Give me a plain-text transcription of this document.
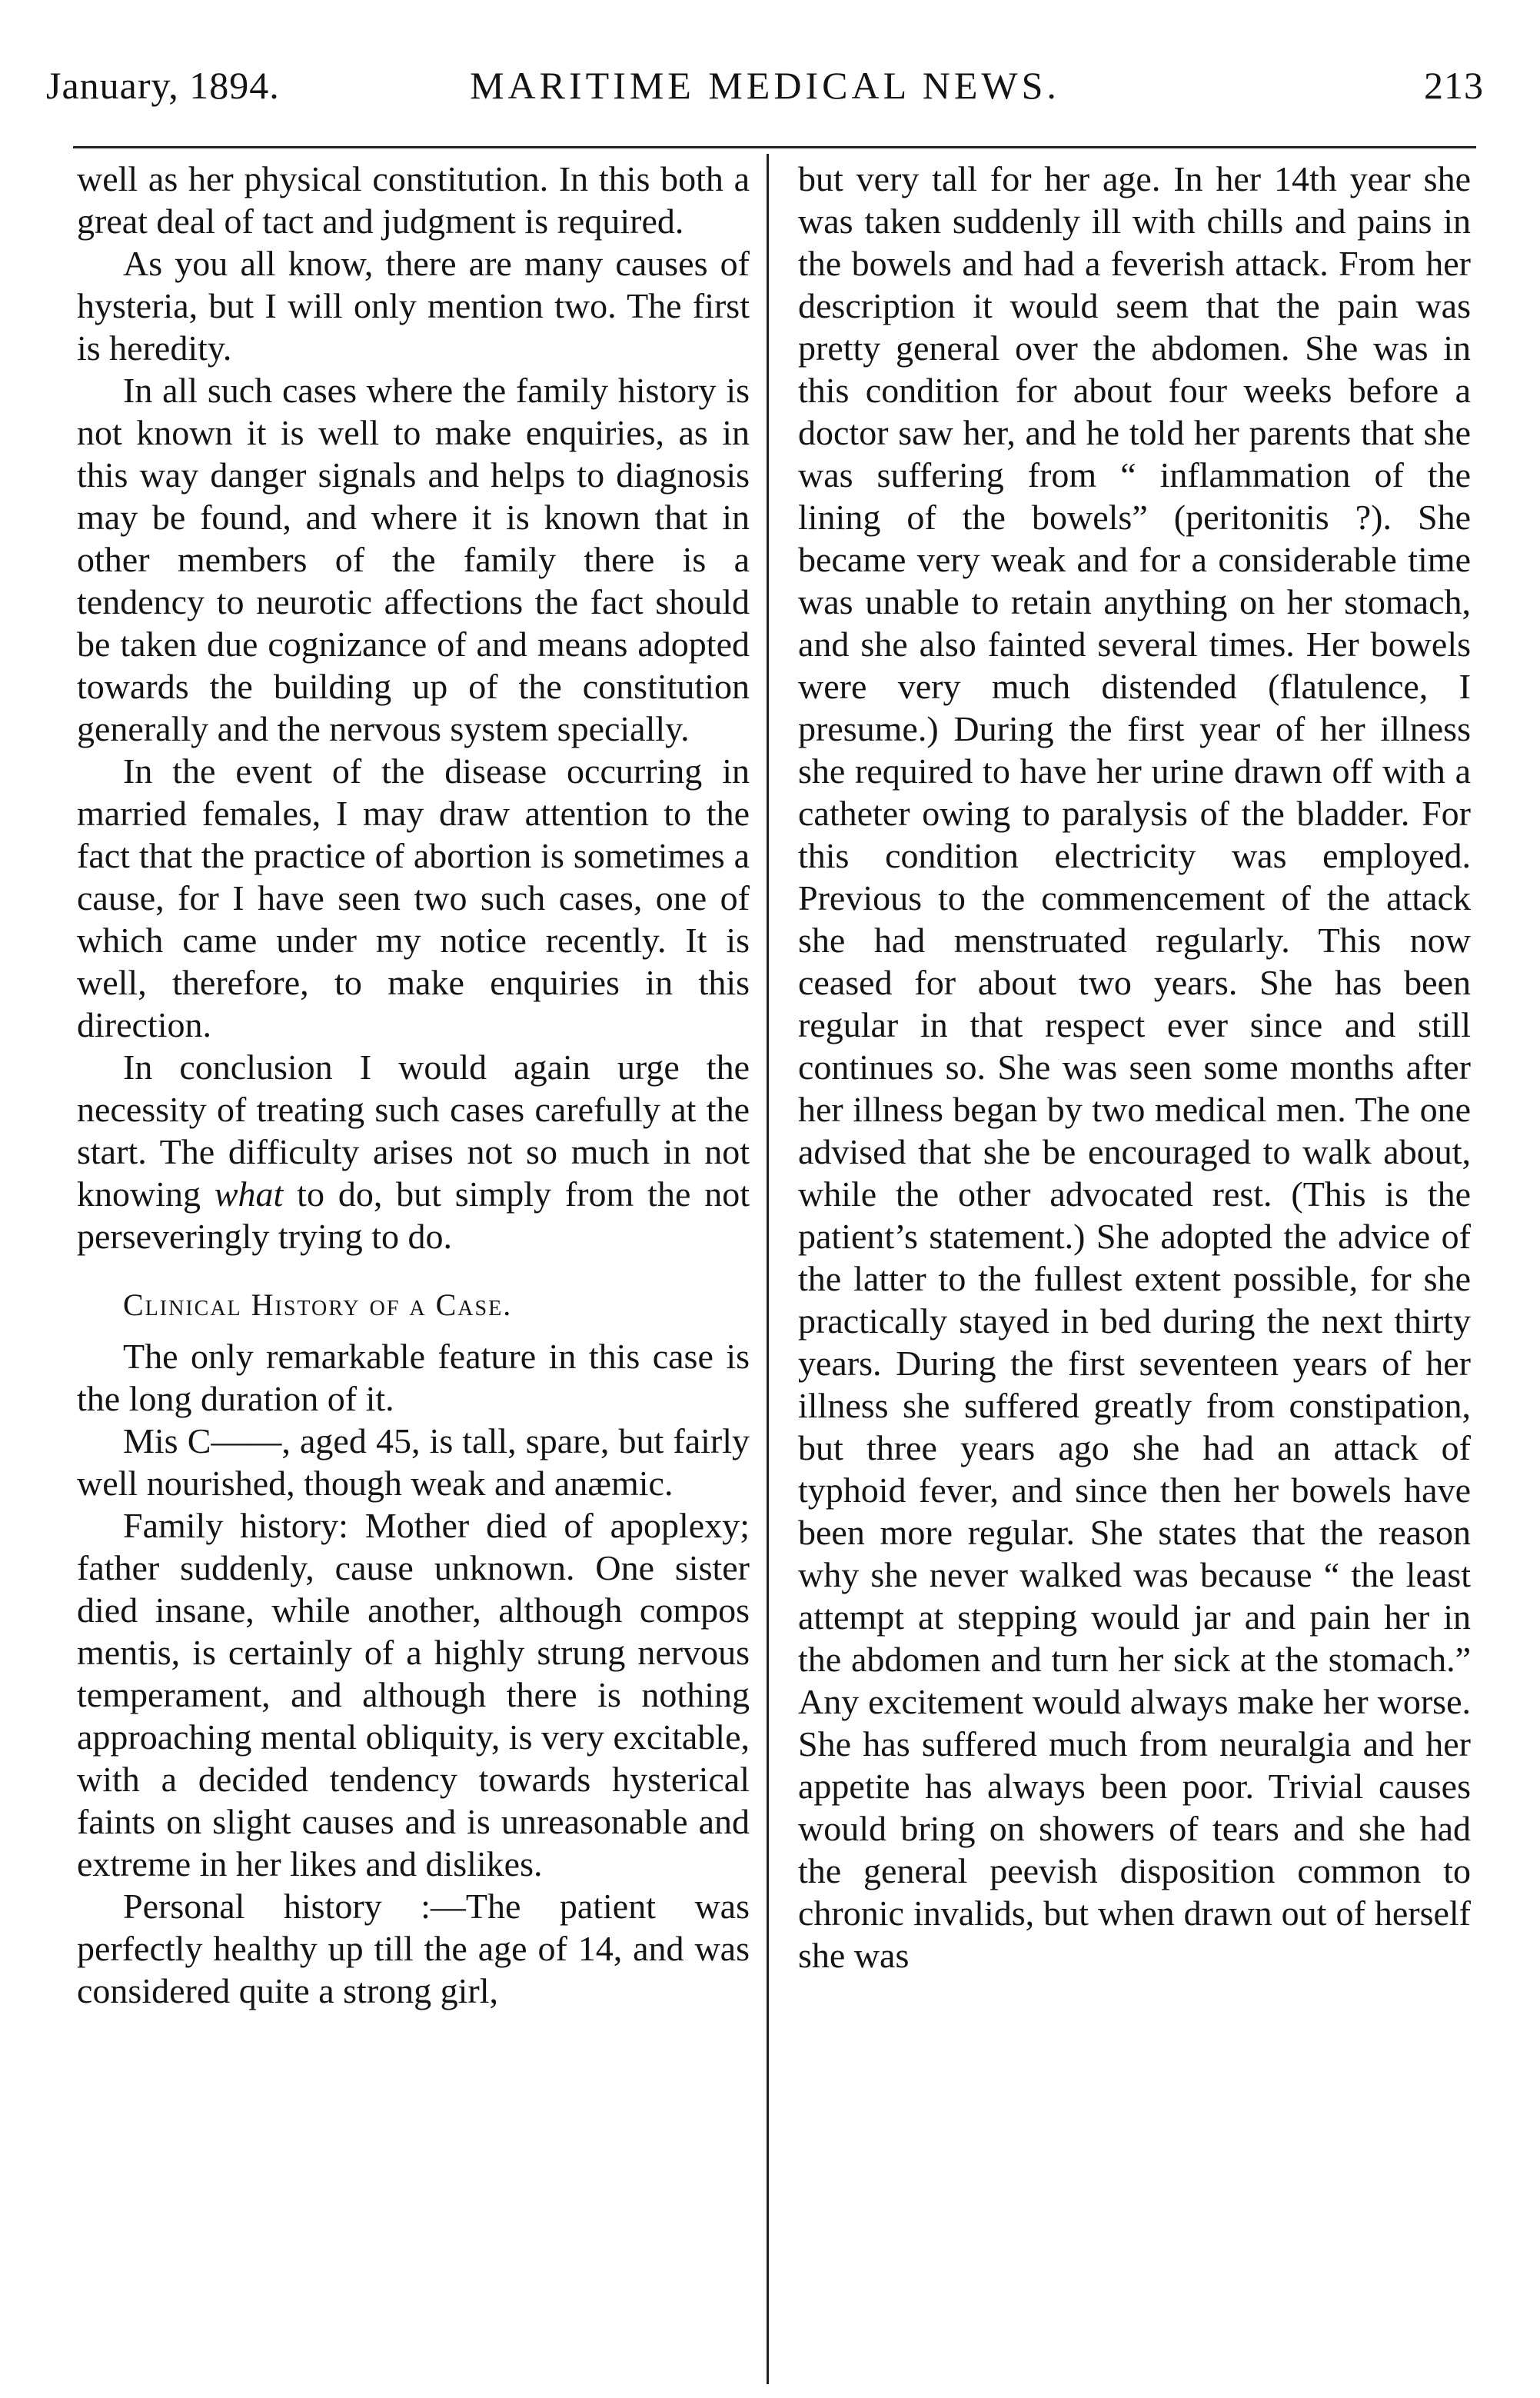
January, 1894.	MARITIME MEDICAL NEWS.	213

well as her physical constitution. In this both a great deal of tact and judgment is required.

As you all know, there are many causes of hysteria, but I will only mention two. The first is heredity.

In all such cases where the family history is not known it is well to make enquiries, as in this way danger signals and helps to diagnosis may be found, and where it is known that in other members of the family there is a tendency to neurotic affections the fact should be taken due cognizance of and means adopted towards the building up of the constitution generally and the nervous system specially.

In the event of the disease occurring in married females, I may draw attention to the fact that the practice of abortion is sometimes a cause, for I have seen two such cases, one of which came under my notice recently. It is well, therefore, to make enquiries in this direction.

In conclusion I would again urge the necessity of treating such cases carefully at the start. The difficulty arises not so much in not knowing what to do, but simply from the not perseveringly trying to do.

Clinical History of a Case.

The only remarkable feature in this case is the long duration of it.

Mis C——, aged 45, is tall, spare, but fairly well nourished, though weak and anæmic.

Family history: Mother died of apoplexy; father suddenly, cause unknown. One sister died insane, while another, although compos mentis, is certainly of a highly strung nervous temperament, and although there is nothing approaching mental obliquity, is very excitable, with a decided tendency towards hysterical faints on slight causes and is unreasonable and extreme in her likes and dislikes.

Personal history :—The patient was perfectly healthy up till the age of 14, and was considered quite a strong girl,

but very tall for her age. In her 14th year she was taken suddenly ill with chills and pains in the bowels and had a feverish attack. From her description it would seem that the pain was pretty general over the abdomen. She was in this condition for about four weeks before a doctor saw her, and he told her parents that she was suffering from “ inflammation of the lining of the bowels” (peritonitis ?). She became very weak and for a considerable time was unable to retain anything on her stomach, and she also fainted several times. Her bowels were very much distended (flatulence, I presume.) During the first year of her illness she required to have her urine drawn off with a catheter owing to paralysis of the bladder. For this condition electricity was employed. Previous to the commencement of the attack she had menstruated regularly. This now ceased for about two years. She has been regular in that respect ever since and still continues so. She was seen some months after her illness began by two medical men. The one advised that she be encouraged to walk about, while the other advocated rest. (This is the patient’s statement.) She adopted the advice of the latter to the fullest extent possible, for she practically stayed in bed during the next thirty years. During the first seventeen years of her illness she suffered greatly from constipation, but three years ago she had an attack of typhoid fever, and since then her bowels have been more regular. She states that the reason why she never walked was because “ the least attempt at stepping would jar and pain her in the abdomen and turn her sick at the stomach.” Any excitement would always make her worse. She has suffered much from neuralgia and her appetite has always been poor. Trivial causes would bring on showers of tears and she had the general peevish disposition common to chronic invalids, but when drawn out of herself she was
